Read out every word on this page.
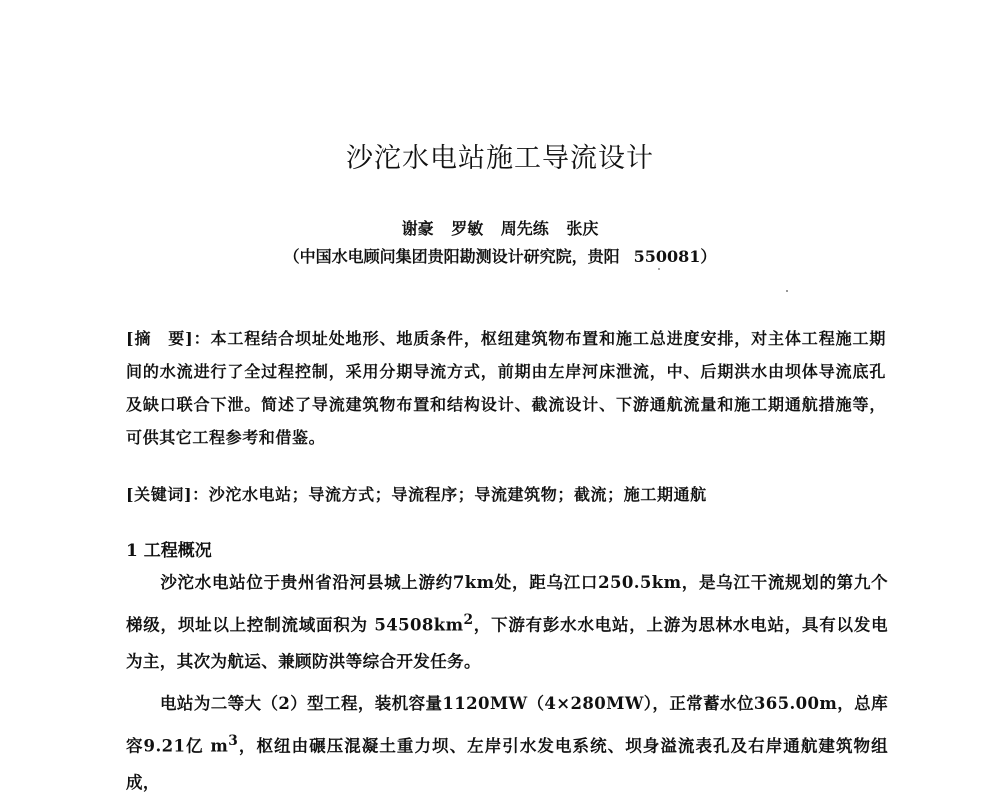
沙沱水电站施工导流设计
谢豪 罗敏 周先练 张庆
（中国水电顾问集团贵阳勘测设计研究院，贵阳 550081）
[摘　要]：本工程结合坝址处地形、地质条件，枢纽建筑物布置和施工总进度安排，对主体工程施工期间的水流进行了全过程控制，采用分期导流方式，前期由左岸河床泄流，中、后期洪水由坝体导流底孔及缺口联合下泄。简述了导流建筑物布置和结构设计、截流设计、下游通航流量和施工期通航措施等，可供其它工程参考和借鉴。
[关键词]：沙沱水电站；导流方式；导流程序；导流建筑物；截流；施工期通航
1 工程概况
沙沱水电站位于贵州省沿河县城上游约7km处，距乌江口250.5km，是乌江干流规划的第九个梯级，坝址以上控制流域面积为 $54508km^2$，下游有彭水水电站，上游为思林水电站，具有以发电为主，其次为航运、兼顾防洪等综合开发任务。
电站为二等大（2）型工程，装机容量1120MW（4×280MW），正常蓄水位365.00m，总库容9.21亿 $m^3$，枢纽由碾压混凝土重力坝、左岸引水发电系统、坝身溢流表孔及右岸通航建筑物组成，
